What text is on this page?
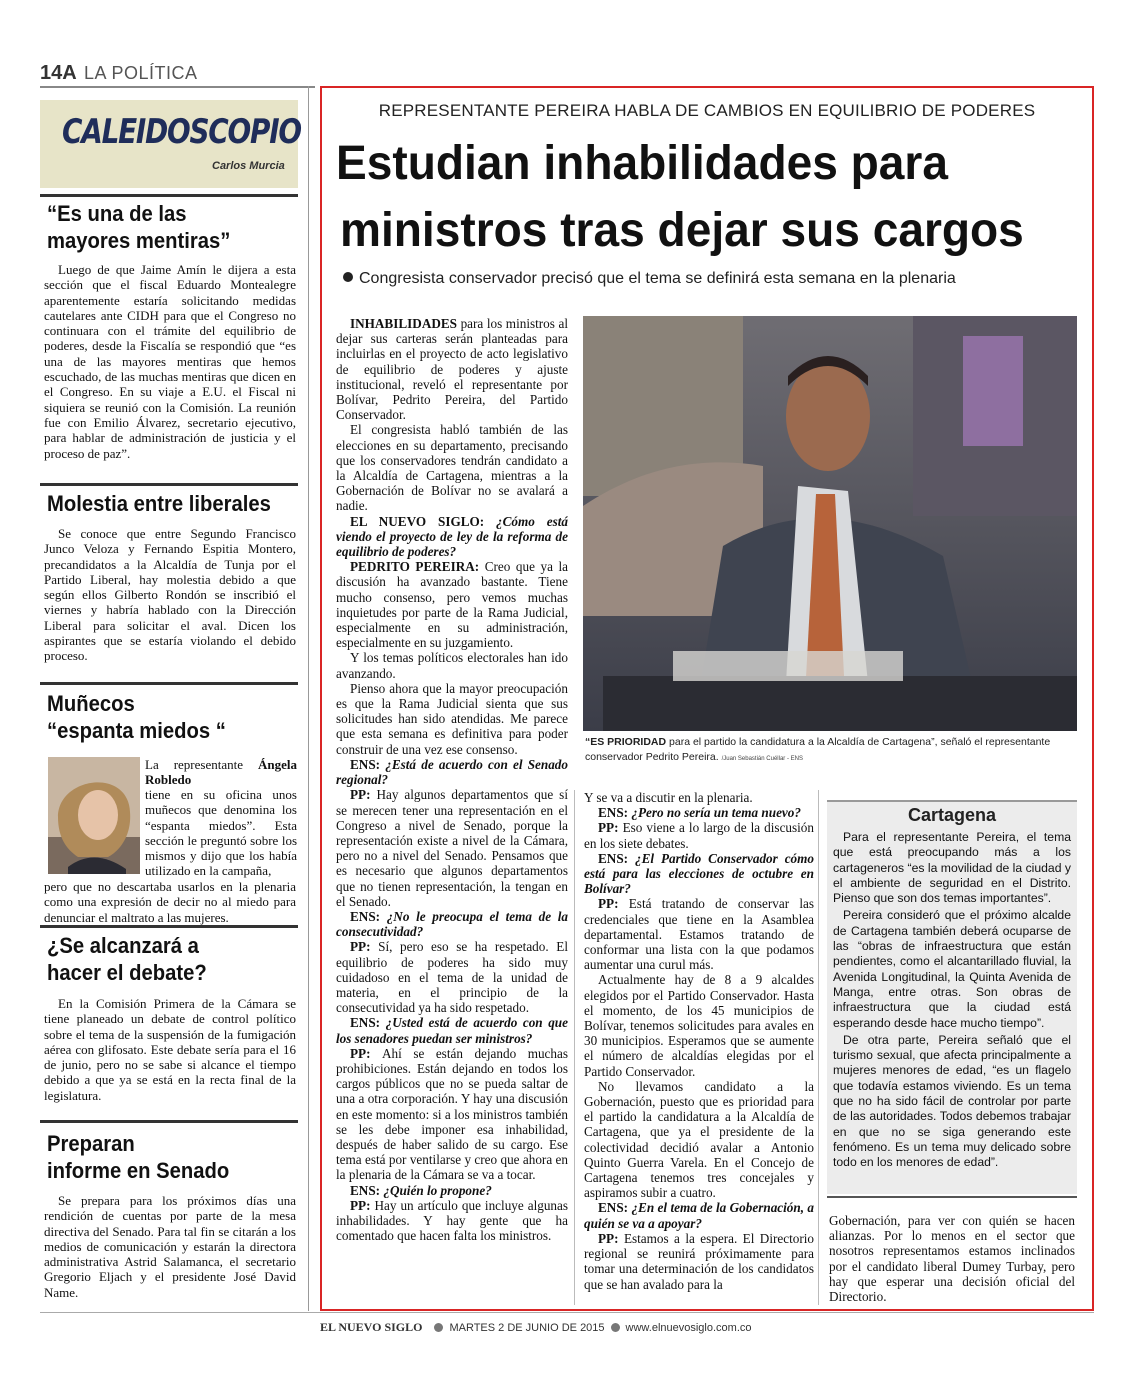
14A LA POLÍTICA
CALEIDOSCOPIO
Carlos Murcia
“Es una de las
mayores mentiras”
Luego de que Jaime Amín le dijera a esta sección que el fiscal Eduardo Montealegre aparentemente estaría solicitando medidas cautelares ante CIDH para que el Congreso no continuara con el trámite del equilibrio de poderes, desde la Fiscalía se respondió que “es una de las mayores mentiras que hemos escuchado, de las muchas mentiras que dicen en el Congreso. En su viaje a E.U. el Fiscal ni siquiera se reunió con la Comisión. La reunión fue con Emilio Álvarez, secretario ejecutivo, para hablar de administración de justicia y el proceso de paz”.
Molestia entre liberales
Se conoce que entre Segundo Francisco Junco Veloza y Fernando Espitia Montero, precandidatos a la Alcaldía de Tunja por el Partido Liberal, hay molestia debido a que según ellos Gilberto Rondón se inscribió el viernes y habría hablado con la Dirección Liberal para solicitar el aval. Dicen los aspirantes que se estaría violando el debido proceso.
Muñecos
“espanta miedos “
La representante Ángela Robledo
tiene en su oficina unos muñecos que denomina los “espanta miedos”. Esta sección le preguntó sobre los mismos y dijo que los había utilizado en la campaña,
pero que no descartaba usarlos en la plenaria como una expresión de decir no al miedo para denunciar el maltrato a las mujeres.
¿Se alcanzará a
hacer el debate?
En la Comisión Primera de la Cámara se tiene planeado un debate de control político sobre el tema de la suspensión de la fumigación aérea con glifosato. Este debate sería para el 16 de junio, pero no se sabe si alcance el tiempo debido a que ya se está en la recta final de la legislatura.
Preparan
informe en Senado
Se prepara para los próximos días una rendición de cuentas por parte de la mesa directiva del Senado. Para tal fin se citarán a los medios de comunicación y estarán la directora administrativa Astrid Salamanca, el secretario Gregorio Eljach y el presidente José David Name.
REPRESENTANTE PEREIRA HABLA DE CAMBIOS EN EQUILIBRIO DE PODERES
Estudian inhabilidades para
ministros tras dejar sus cargos
Congresista conservador precisó que el tema se definirá esta semana en la plenaria

INHABILIDADES para los ministros al dejar sus carteras serán planteadas para incluirlas en el proyecto de acto legislativo de equilibrio de poderes y ajuste institucional, reveló el representante por Bolívar, Pedrito Pereira, del Partido Conservador.

El congresista habló también de las elecciones en su departamento, precisando que los conservadores tendrán candidato a la Alcaldía de Cartagena, mientras a la Gobernación de Bolívar no se avalará a nadie.

EL NUEVO SIGLO: ¿Cómo está viendo el proyecto de ley de la reforma de equilibrio de poderes?

PEDRITO PEREIRA: Creo que ya la discusión ha avanzado bastante. Tiene mucho consenso, pero vemos muchas inquietudes por parte de la Rama Judicial, especialmente en su administración, especialmente en su juzgamiento.

Y los temas políticos electorales han ido avanzando.

Pienso ahora que la mayor preocupación es que la Rama Judicial sienta que sus solicitudes han sido atendidas. Me parece que esta semana es definitiva para poder construir de una vez ese consenso.

ENS: ¿Está de acuerdo con el Senado regional?

PP: Hay algunos departamentos que sí se merecen tener una representación en el Congreso a nivel de Senado, porque la representación existe a nivel de la Cámara, pero no a nivel del Senado. Pensamos que es necesario que algunos departamentos que no tienen representación, la tengan en el Senado.

ENS: ¿No le preocupa el tema de la consecutividad?

PP: Sí, pero eso se ha respetado. El equilibrio de poderes ha sido muy cuidadoso en el tema de la unidad de materia, en el principio de la consecutividad ya ha sido respetado.

ENS: ¿Usted está de acuerdo con que los senadores puedan ser ministros?

PP: Ahí se están dejando muchas prohibiciones. Están dejando en todos los cargos públicos que no se pueda saltar de una a otra corporación. Y hay una discusión en este momento: si a los ministros también se les debe imponer esa inhabilidad, después de haber salido de su cargo. Ese tema está por ventilarse y creo que ahora en la plenaria de la Cámara se va a tocar.

ENS: ¿Quién lo propone?

PP: Hay un artículo que incluye algunas inhabilidades. Y hay gente que ha comentado que hacen falta los ministros.

“ES PRIORIDAD para el partido la candidatura a la Alcaldía de Cartagena”, señaló el representante conservador Pedrito Pereira. /Juan Sebastián Cuéllar - ENS

Y se va a discutir en la plenaria.

ENS: ¿Pero no sería un tema nuevo?

PP: Eso viene a lo largo de la discusión en los siete debates.

ENS: ¿El Partido Conservador cómo está para las elecciones de octubre en Bolívar?

PP: Está tratando de conservar las credenciales que tiene en la Asamblea departamental. Estamos tratando de conformar una lista con la que podamos aumentar una curul más.

Actualmente hay de 8 a 9 alcaldes elegidos por el Partido Conservador. Hasta el momento, de los 45 municipios de Bolívar, tenemos solicitudes para avales en 30 municipios. Esperamos que se aumente el número de alcaldías elegidas por el Partido Conservador.

No llevamos candidato a la Gobernación, puesto que es prioridad para el partido la candidatura a la Alcaldía de Cartagena, que ya el presidente de la colectividad decidió avalar a Antonio Quinto Guerra Varela. En el Concejo de Cartagena tenemos tres concejales y aspiramos subir a cuatro.

ENS: ¿En el tema de la Gobernación, a quién se va a apoyar?

PP: Estamos a la espera. El Directorio regional se reunirá próximamente para tomar una determinación de los candidatos que se han avalado para la

Cartagena

Para el representante Pereira, el tema que está preocupando más a los cartageneros “es la movilidad de la ciudad y el ambiente de seguridad en el Distrito. Pienso que son dos temas importantes”.

Pereira consideró que el próximo alcalde de Cartagena también deberá ocuparse de las “obras de infraestructura que están pendientes, como el alcantarillado fluvial, la Avenida Longitudinal, la Quinta Avenida de Manga, entre otras. Son obras de infraestructura que la ciudad está esperando desde hace mucho tiempo”.

De otra parte, Pereira señaló que el turismo sexual, que afecta principalmente a mujeres menores de edad, “es un flagelo que todavía estamos viviendo. Es un tema que no ha sido fácil de controlar por parte de las autoridades. Todos debemos trabajar en que no se siga generando este fenómeno. Es un tema muy delicado sobre todo en los menores de edad”.

Gobernación, para ver con quién se hacen alianzas. Por lo menos en el sector que nosotros representamos estamos inclinados por el candidato liberal Dumey Turbay, pero hay que esperar una decisión oficial del Directorio.

EL NUEVO SIGLO MARTES 2 DE JUNIO DE 2015 www.elnuevosiglo.com.co
